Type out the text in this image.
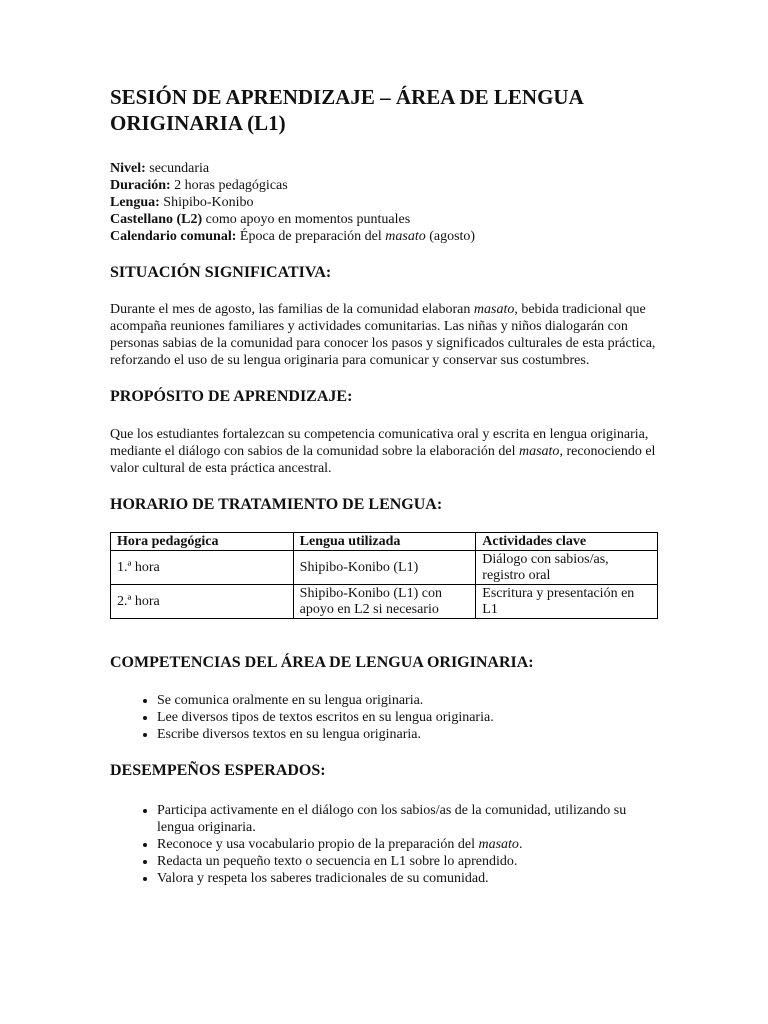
SESIÓN DE APRENDIZAJE – ÁREA DE LENGUA ORIGINARIA (L1)
Nivel: secundaria
Duración: 2 horas pedagógicas
Lengua: Shipibo-Konibo
Castellano (L2) como apoyo en momentos puntuales
Calendario comunal: Época de preparación del masato (agosto)
SITUACIÓN SIGNIFICATIVA:

Durante el mes de agosto, las familias de la comunidad elaboran masato, bebida tradicional que acompaña reuniones familiares y actividades comunitarias. Las niñas y niños dialogarán con personas sabias de la comunidad para conocer los pasos y significados culturales de esta práctica, reforzando el uso de su lengua originaria para comunicar y conservar sus costumbres.

PROPÓSITO DE APRENDIZAJE:

Que los estudiantes fortalezcan su competencia comunicativa oral y escrita en lengua originaria, mediante el diálogo con sabios de la comunidad sobre la elaboración del masato, reconociendo el valor cultural de esta práctica ancestral.

HORARIO DE TRATAMIENTO DE LENGUA:
Hora pedagógica	Lengua utilizada	Actividades clave
1.ª hora	Shipibo-Konibo (L1)	Diálogo con sabios/as, registro oral
2.ª hora	Shipibo-Konibo (L1) con apoyo en L2 si necesario	Escritura y presentación en L1
COMPETENCIAS DEL ÁREA DE LENGUA ORIGINARIA:
• Se comunica oralmente en su lengua originaria.
• Lee diversos tipos de textos escritos en su lengua originaria.
• Escribe diversos textos en su lengua originaria.
DESEMPEÑOS ESPERADOS:
• Participa activamente en el diálogo con los sabios/as de la comunidad, utilizando su lengua originaria.
• Reconoce y usa vocabulario propio de la preparación del masato.
• Redacta un pequeño texto o secuencia en L1 sobre lo aprendido.
• Valora y respeta los saberes tradicionales de su comunidad.
